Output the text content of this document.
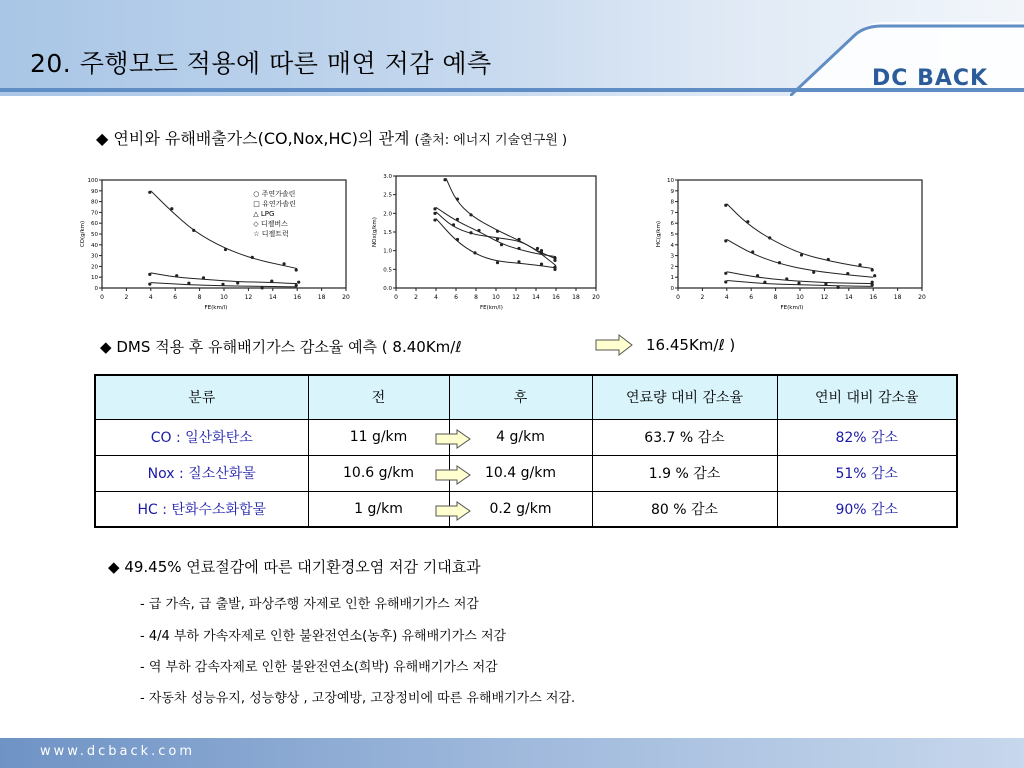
20. 주행모드 적용에 따른 매연 저감 예측	DC BACK
◆ 연비와 유해배출가스(CO,Nox,HC)의 관계 (출처: 에너지 기술연구원 )
0	2	4	6	8	10	12	14	16	18	20
100
90
80
70
60
50
40
30
20
10
0
FE(km/l)
CO(g/km)
○ 주연가솔린
□ 유연가솔린
△ LPG
◇ 디젤버스
☆ 디젤트럭
0	2	4	6	8 10 12 14 16 18 20
3.0
2.5
2.0
1.5
1.0
0.5
0.0
FE(km/l)
NOx(g/km)
0	2	4	6	8	10	12	14	16	18	20
10
9
8
7
6
5
4
3
2
1
0
FE(km/l)
HC(g/km)
◆ DMS 적용 후 유해배기가스 감소율 예측 ( 8.40Km/ℓ	16.45Km/ℓ )
분류	전	후	연료량 대비 감소율	연비 대비 감소율
CO : 일산화탄소	11 g/km	4 g/km	63.7 % 감소	82% 감소
Nox : 질소산화물	10.6 g/km	10.4 g/km	1.9 % 감소	51% 감소
HC : 탄화수소화합물	1 g/km	0.2 g/km	80 % 감소	90% 감소
◆ 49.45% 연료절감에 따른 대기환경오염 저감 기대효과
- 급 가속, 급 출발, 파상주행 자제로 인한 유해배기가스 저감
- 4/4 부하 가속자제로 인한 불완전연소(농후) 유해배기가스 저감
- 역 부하 감속자제로 인한 불완전연소(희박) 유해배기가스 저감
- 자동차 성능유지, 성능향상 , 고장예방, 고장정비에 따른 유해배기가스 저감.
www.dcback.com
